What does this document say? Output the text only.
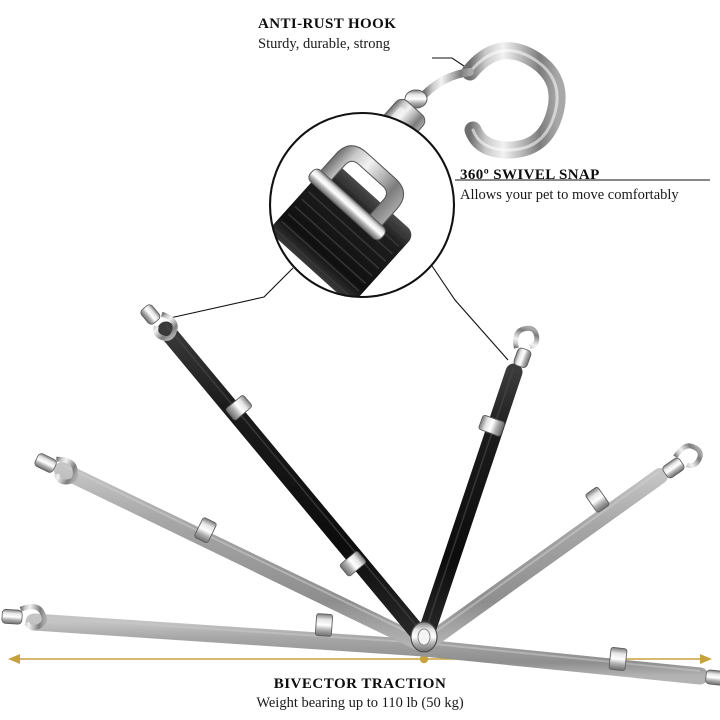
ANTI-RUST HOOK
Sturdy, durable, strong
360º SWIVEL SNAP
Allows your pet to move comfortably
BIVECTOR TRACTION
Weight bearing up to 110 lb (50 kg)
